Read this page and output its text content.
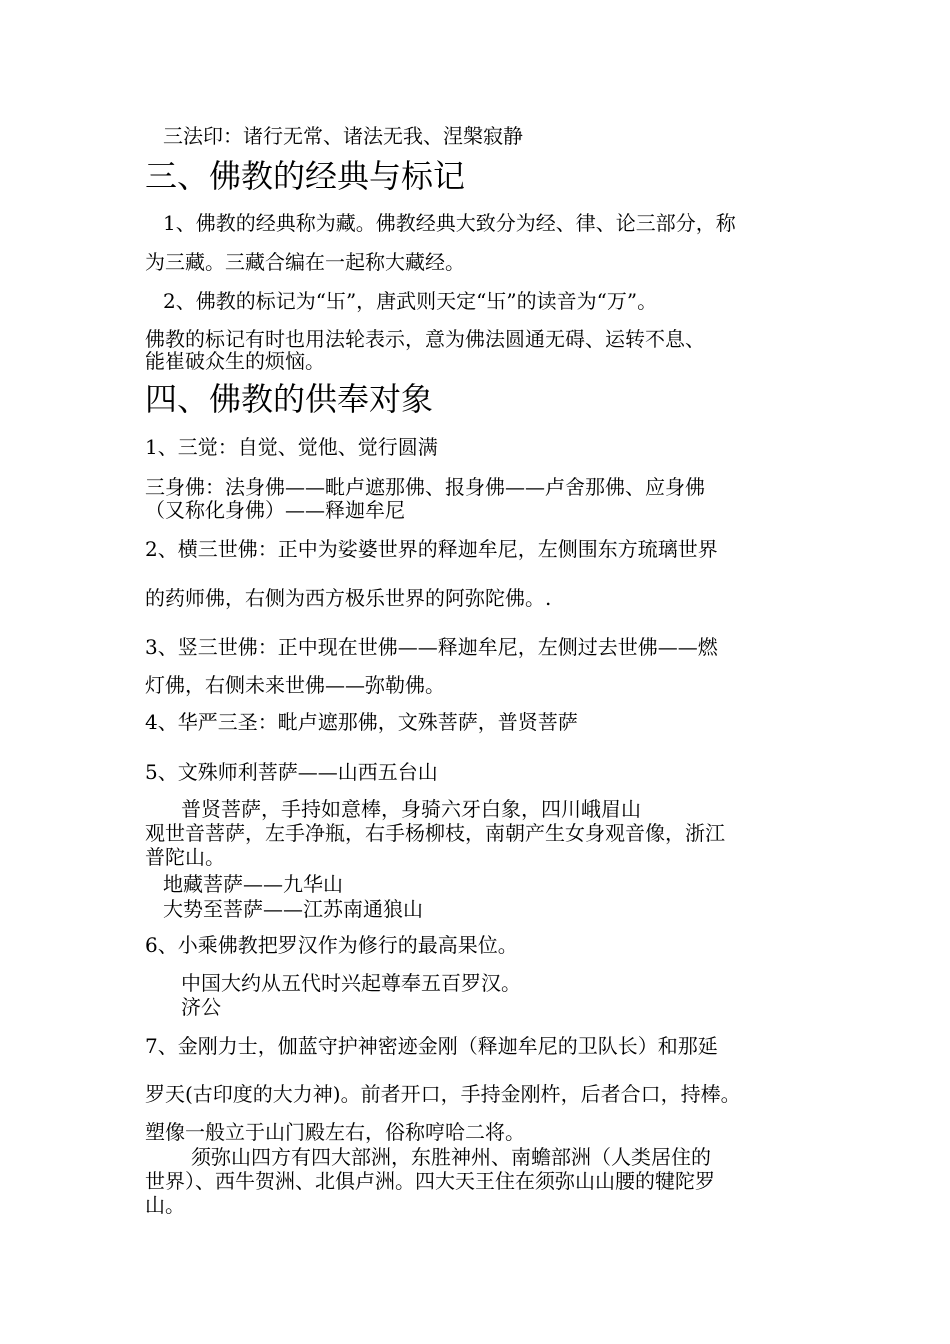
三法印：诸行无常、诸法无我、涅槃寂静
三、佛教的经典与标记
1、佛教的经典称为藏。佛教经典大致分为经、律、论三部分，称
为三藏。三藏合编在一起称大藏经。
2、佛教的标记为“卐”，唐武则天定“卐”的读音为“万”。
佛教的标记有时也用法轮表示，意为佛法圆通无碍、运转不息、
能崔破众生的烦恼。
四、佛教的供奉对象
1、三觉：自觉、觉他、觉行圆满
三身佛：法身佛——毗卢遮那佛、报身佛——卢舍那佛、应身佛
（又称化身佛）——释迦牟尼
2、横三世佛：正中为娑婆世界的释迦牟尼，左侧围东方琉璃世界
的药师佛，右侧为西方极乐世界的阿弥陀佛。.
3、竖三世佛：正中现在世佛——释迦牟尼，左侧过去世佛——燃
灯佛，右侧未来世佛——弥勒佛。
4、华严三圣：毗卢遮那佛，文殊菩萨，普贤菩萨
5、文殊师利菩萨——山西五台山
普贤菩萨，手持如意棒，身骑六牙白象，四川峨眉山
观世音菩萨，左手净瓶，右手杨柳枝，南朝产生女身观音像，浙江
普陀山。
地藏菩萨——九华山
大势至菩萨——江苏南通狼山
6、小乘佛教把罗汉作为修行的最高果位。
中国大约从五代时兴起尊奉五百罗汉。
济公
7、金刚力士，伽蓝守护神密迹金刚（释迦牟尼的卫队长）和那延
罗天(古印度的大力神)。前者开口，手持金刚杵，后者合口，持棒。
塑像一般立于山门殿左右，俗称哼哈二将。
须弥山四方有四大部洲，东胜神州、南蟾部洲（人类居住的
世界）、西牛贺洲、北俱卢洲。四大天王住在须弥山山腰的犍陀罗
山。
